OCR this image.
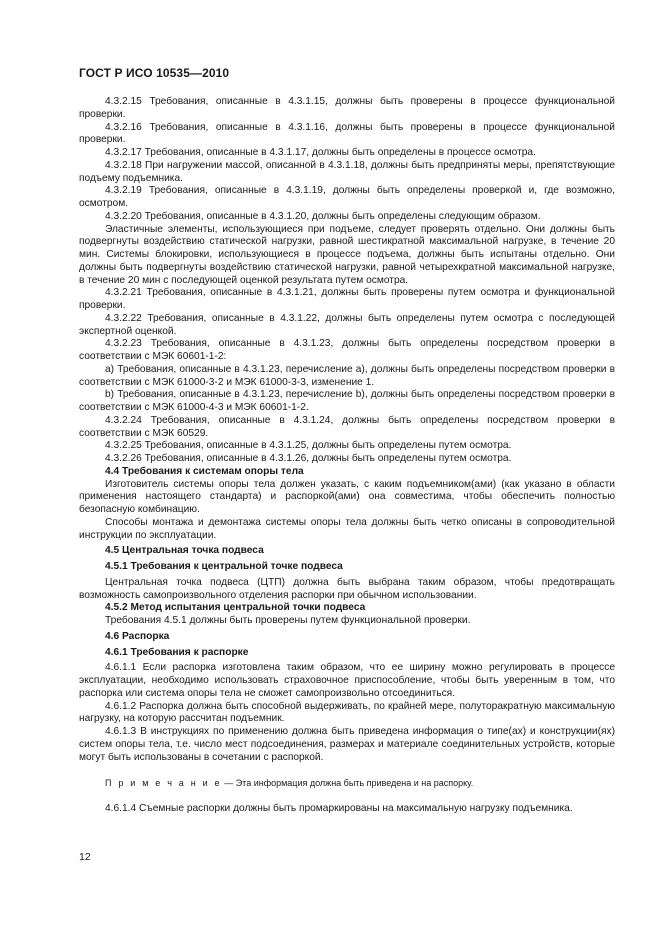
ГОСТ Р ИСО 10535—2010

4.3.2.15 Требования, описанные в 4.3.1.15, должны быть проверены в процессе функциональной проверки.

4.3.2.16 Требования, описанные в 4.3.1.16, должны быть проверены в процессе функциональной проверки.

4.3.2.17 Требования, описанные в 4.3.1.17, должны быть определены в процессе осмотра.

4.3.2.18 При нагружении массой, описанной в 4.3.1.18, должны быть предприняты меры, препятствующие подъему подъемника.

4.3.2.19 Требования, описанные в 4.3.1.19, должны быть определены проверкой и, где возможно, осмотром.

4.3.2.20 Требования, описанные в 4.3.1.20, должны быть определены следующим образом.

Эластичные элементы, использующиеся при подъеме, следует проверять отдельно. Они должны быть подвергнуты воздействию статической нагрузки, равной шестикратной максимальной нагрузке, в течение 20 мин. Системы блокировки, использующиеся в процессе подъема, должны быть испытаны отдельно. Они должны быть подвергнуты воздействию статической нагрузки, равной четырехкратной максимальной нагрузке, в течение 20 мин с последующей оценкой результата путем осмотра.

4.3.2.21 Требования, описанные в 4.3.1.21, должны быть проверены путем осмотра и функциональной проверки.

4.3.2.22 Требования, описанные в 4.3.1.22, должны быть определены путем осмотра с последующей экспертной оценкой.

4.3.2.23 Требования, описанные в 4.3.1.23, должны быть определены посредством проверки в соответствии с МЭК 60601-1-2:

a) Требования, описанные в 4.3.1.23, перечисление a), должны быть определены посредством проверки в соответствии с МЭК 61000-3-2 и МЭК 61000-3-3, изменение 1.

b) Требования, описанные в 4.3.1.23, перечисление b), должны быть определены посредством проверки в соответствии с МЭК 61000-4-3 и МЭК 60601-1-2.

4.3.2.24 Требования, описанные в 4.3.1.24, должны быть определены посредством проверки в соответствии с МЭК 60529.

4.3.2.25 Требования, описанные в 4.3.1.25, должны быть определены путем осмотра.

4.3.2.26 Требования, описанные в 4.3.1.26, должны быть определены путем осмотра.

4.4 Требования к системам опоры тела

Изготовитель системы опоры тела должен указать, с каким подъемником(ами) (как указано в области применения настоящего стандарта) и распоркой(ами) она совместима, чтобы обеспечить полностью безопасную комбинацию.

Способы монтажа и демонтажа системы опоры тела должны быть четко описаны в сопроводительной инструкции по эксплуатации.

4.5 Центральная точка подвеса

4.5.1 Требования к центральной точке подвеса

Центральная точка подвеса (ЦТП) должна быть выбрана таким образом, чтобы предотвращать возможность самопроизвольного отделения распорки при обычном использовании.

4.5.2 Метод испытания центральной точки подвеса

Требования 4.5.1 должны быть проверены путем функциональной проверки.

4.6 Распорка

4.6.1 Требования к распорке

4.6.1.1 Если распорка изготовлена таким образом, что ее ширину можно регулировать в процессе эксплуатации, необходимо использовать страховочное приспособление, чтобы быть уверенным в том, что распорка или система опоры тела не сможет самопроизвольно отсоединиться.

4.6.1.2 Распорка должна быть способной выдерживать, по крайней мере, полуторакратную максимальную нагрузку, на которую рассчитан подъемник.

4.6.1.3 В инструкциях по применению должна быть приведена информация о типе(ах) и конструкции(ях) систем опоры тела, т.е. число мест подсоединения, размерах и материале соединительных устройств, которые могут быть использованы в сочетании с распоркой.

П р и м е ч а н и е — Эта информация должна быть приведена и на распорку.

4.6.1.4 Съемные распорки должны быть промаркированы на максимальную нагрузку подъемника.

12
